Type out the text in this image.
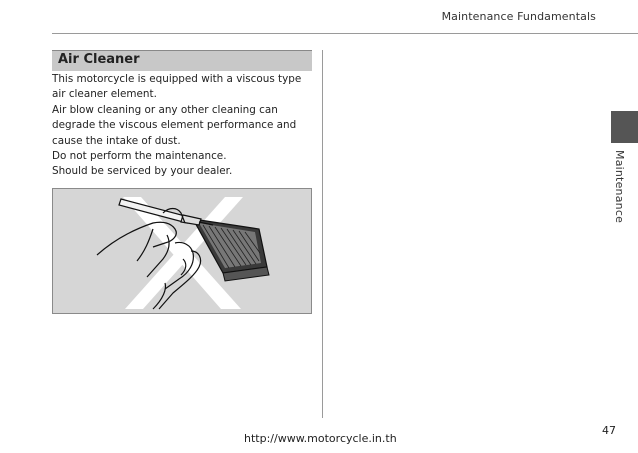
Maintenance Fundamentals
Air Cleaner
This motorcycle is equipped with a viscous type
air cleaner element.
Air blow cleaning or any other cleaning can
degrade the viscous element performance and
cause the intake of dust.
Do not perform the maintenance.
Should be serviced by your dealer.	Maintenance
47
http://www.motorcycle.in.th
